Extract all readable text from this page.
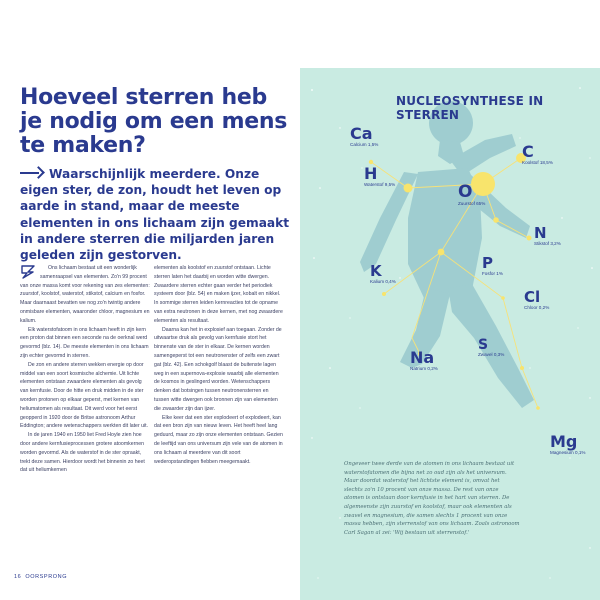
Hoeveel sterren heb je nodig om een mens te maken?
Waarschijnlijk meerdere. Onze eigen ster, de zon, houdt het leven op aarde in stand, maar de meeste elementen in ons lichaam zijn gemaakt in andere sterren die miljarden jaren geleden zijn gestorven.

Ons lichaam bestaat uit een wonderlijk samenraapsel van elementen. Zo'n 99 procent van onze massa komt voor rekening van zes elementen: zuurstof, koolstof, waterstof, stikstof, calcium en fosfor. Maar daarnaast bevatten we nog zo'n twintig andere onmisbare elementen, waaronder chloor, magnesium en kalium.

Elk waterstofatoom in ons lichaam heeft in zijn kern een proton dat binnen een seconde na de oerknal werd gevormd (blz. 14). De meeste elementen in ons lichaam zijn echter gevormd in sterren.

De zon en andere sterren wekken energie op door middel van een soort kosmische alchemie. Uit lichte elementen ontstaan zwaardere elementen als gevolg van kernfusie. Door de hitte en druk midden in de ster worden protonen op elkaar geperst, met kernen van heliumatomen als resultaat. Dit werd voor het eerst geopperd in 1920 door de Britse astronoom Arthur Eddington; andere wetenschappers werkten dit later uit.

In de jaren 1940 en 1950 liet Fred Hoyle zien hoe door andere kernfusieprocessen grotere atoomkernen worden gevormd. Als de waterstof in de ster opraakt, trekt deze samen. Hierdoor wordt het binnenin zo heet dat uit heliumkernen

elementen als koolstof en zuurstof ontstaan. Lichte sterren laten het daarbij en worden witte dwergen. Zwaardere sterren echter gaan verder het periodiek systeem door (blz. 54) en maken ijzer, kobalt en nikkel. In sommige sterren leiden kernreacties tot de opname van extra neutronen in deze kernen, met nog zwaardere elementen als resultaat.

Daarna kan het in explosief aan toegaan. Zonder de uitwaartse druk als gevolg van kernfusie stort het binnenste van de ster in elkaar. De kernen worden samengeperst tot een neutronenster of zelfs een zwart gat (blz. 42). Een schokgolf blaast de buitenste lagen weg in een supernova-explosie waarbij alle elementen de kosmos in geslingerd worden. Wetenschappers denken dat botsingen tussen neutronensterren en tussen witte dwergen ook bronnen zijn van elementen die zwaarder zijn dan ijzer.

Elke keer dat een ster explodeert of explodeert, kan dat een bron zijn van nieuw leven. Het heeft heel lang geduurd, maar zo zijn onze elementen ontstaan. Gezien de leeftijd van ons universum zijn vele van de atomen in ons lichaam al meerdere van dit soort wederopstandingen fiebben meegemaakt.

16 OORSPRONG
NUCLEOSYNTHESE IN STERREN
Ca
Calcium 1,5%	C
Koolstof 18,5%
H
Waterstof 9,5%	O
Zuurstof 65%
N
Stikstof 3,2%
P
Fosfor 1%
K
Kalium 0,4%
Cl
Chloor 0,2%
S
Zwavel 0,3%
Na
Natrium 0,2%
Mg
Magnesium 0,1%

Ongeveer twee derde van de atomen in ons lichaam bestaat uit waterstofatomen die bijna net zo oud zijn als het universum. Maar doordat waterstof het lichtste element is, omvat het slechts zo'n 10 procent van onze massa. De rest van onze atomen is ontstaan door kernfusie in het hart van sterren. De algemeenste zijn zuurstof en koolstof, maar ook elementen als zwavel en magnesium, die samen slechts 1 procent van onze massa hebben, zijn sterrenstof van ons lichaam. Zoals astronoom Carl Sagan al zei: 'Wij bestaan uit sterrenstof.'
